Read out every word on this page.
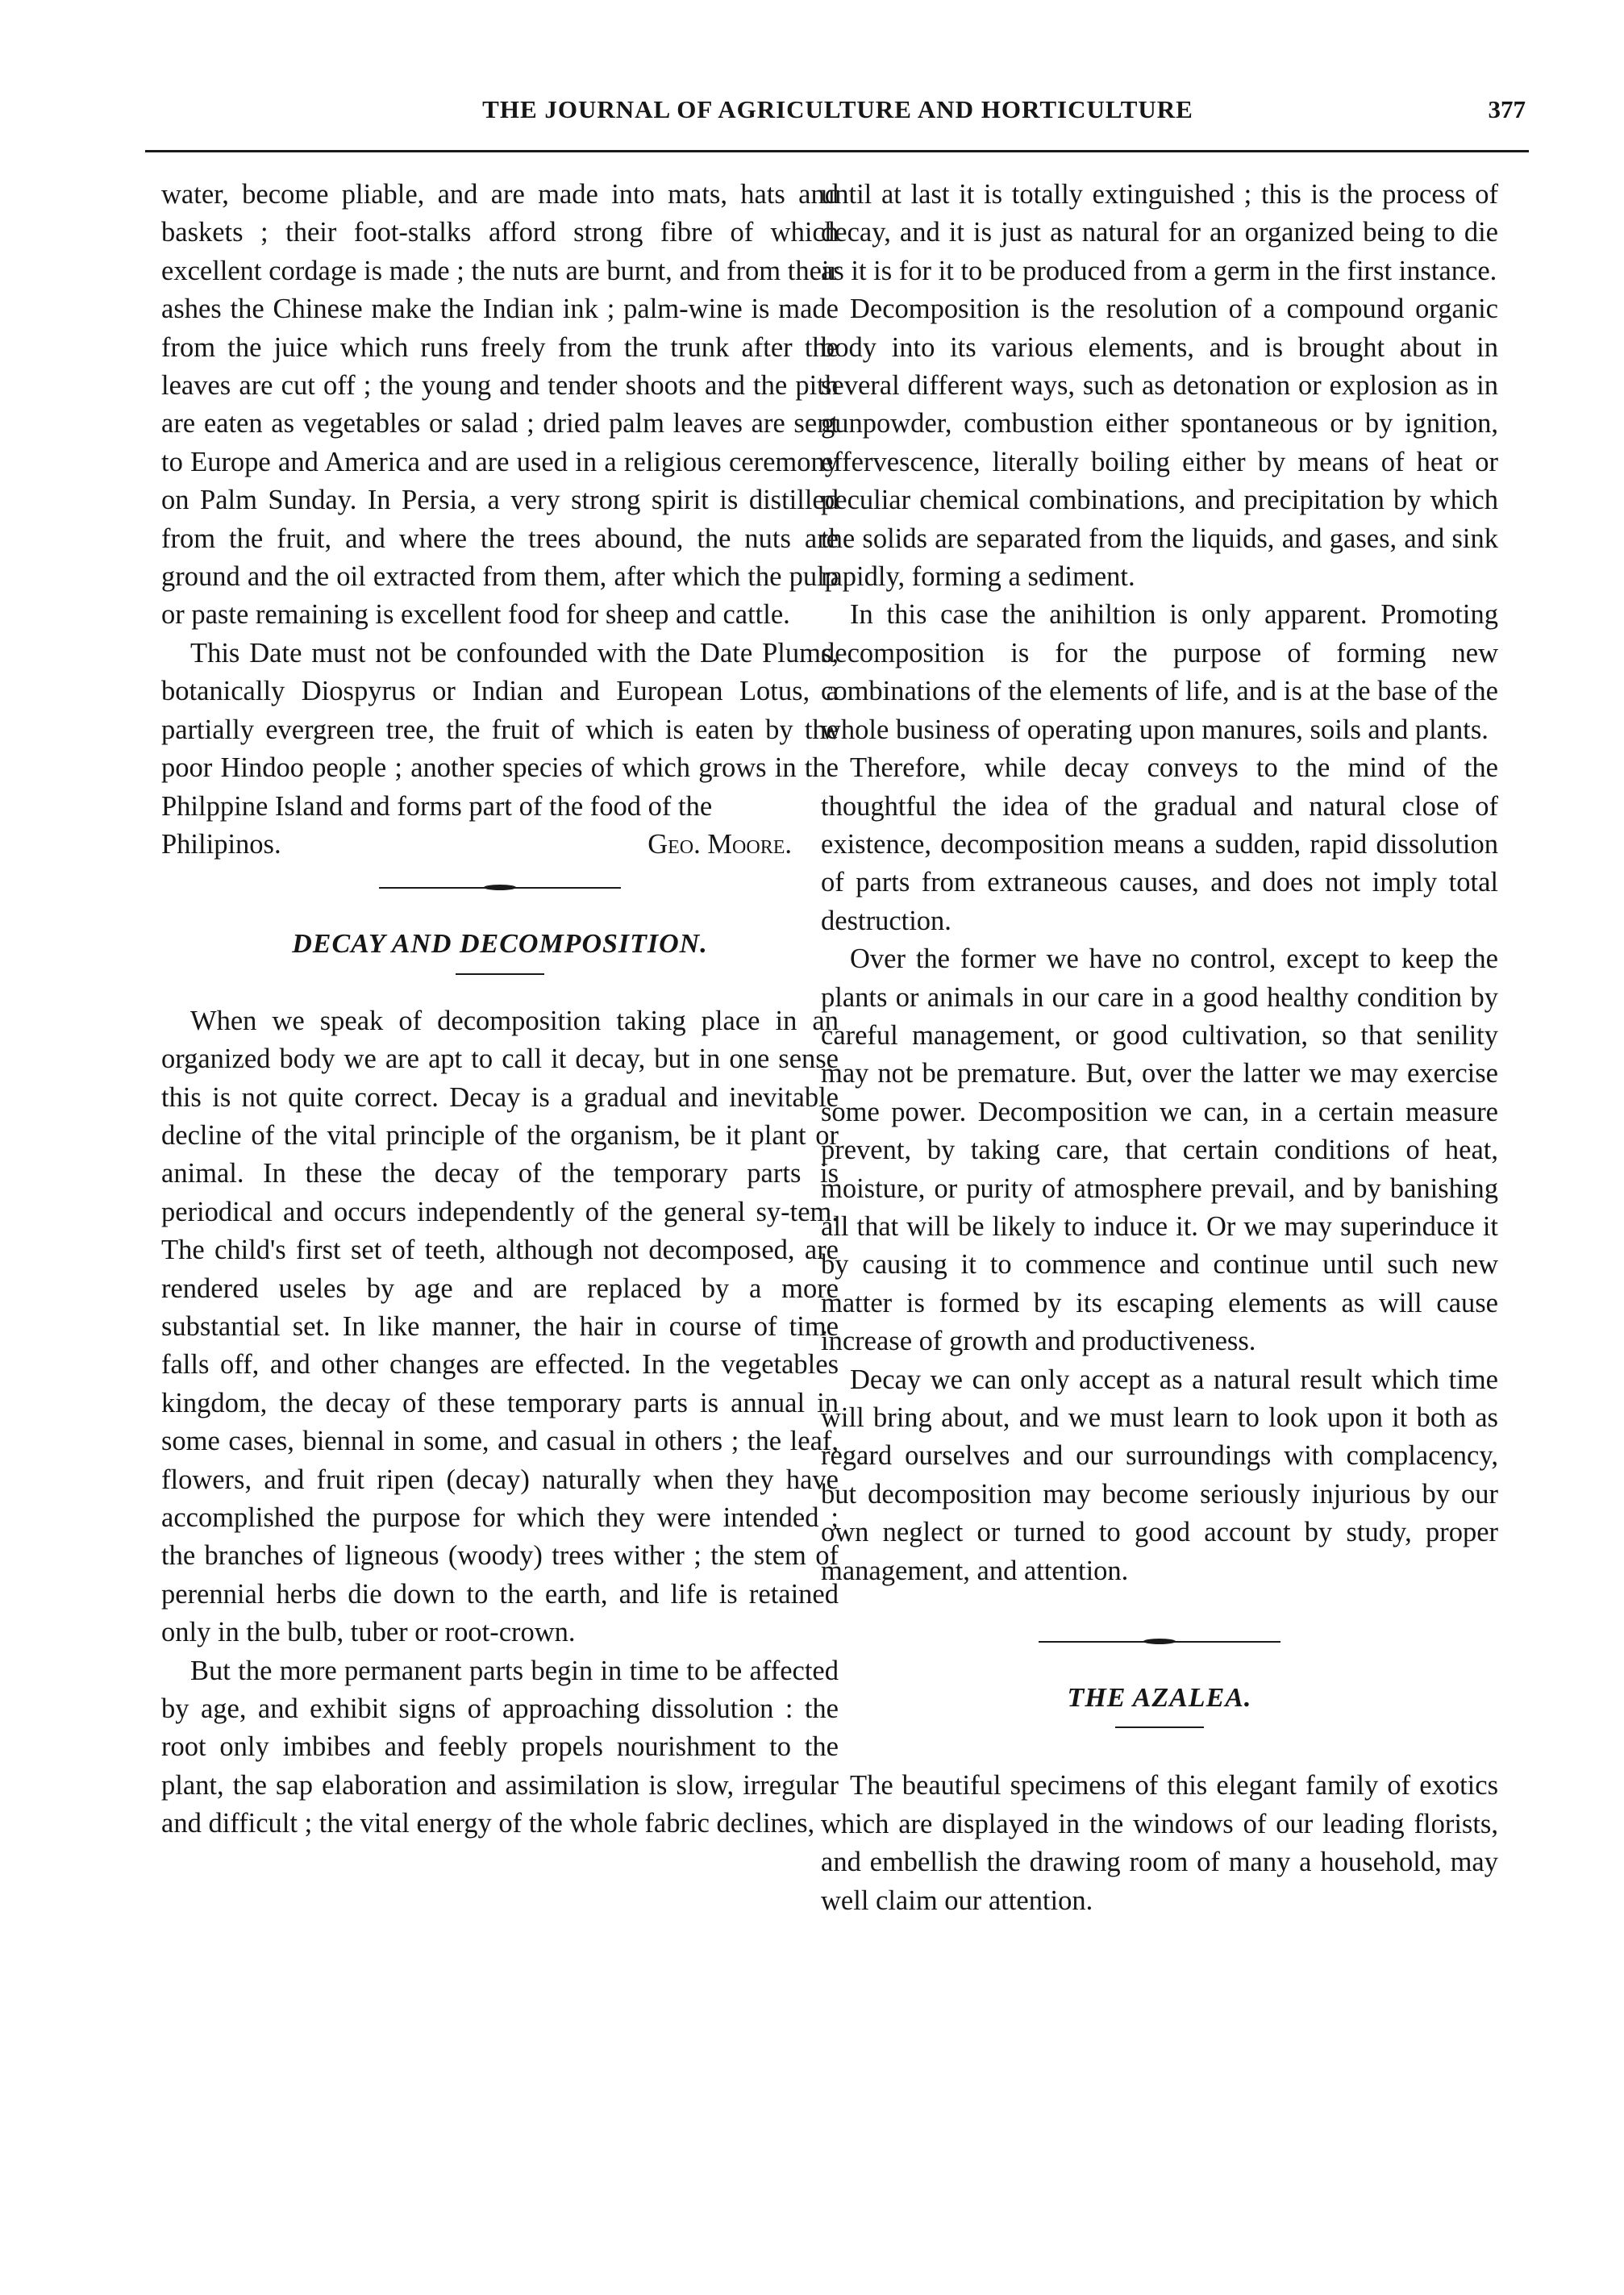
THE JOURNAL OF AGRICULTURE AND HORTICULTURE	377

water, become pliable, and are made into mats, hats and baskets ; their foot-stalks afford strong fibre of which excellent cordage is made ; the nuts are burnt, and from their ashes the Chinese make the Indian ink ; palm-wine is made from the juice which runs freely from the trunk after the leaves are cut off ; the young and tender shoots and the pith are eaten as vegetables or salad ; dried palm leaves are sent to Europe and America and are used in a religious ceremony on Palm Sunday. In Persia, a very strong spirit is distilled from the fruit, and where the trees abound, the nuts are ground and the oil extracted from them, after which the pulp or paste remaining is excellent food for sheep and cattle.

This Date must not be confounded with the Date Plums, botanically Diospyrus or Indian and European Lotus, a partially evergreen tree, the fruit of which is eaten by the poor Hindoo people ; another species of which grows in the Philppine Island and forms part of the food of the

Philipinos.	Geo. Moore.
DECAY AND DECOMPOSITION.

When we speak of decomposition taking place in an organized body we are apt to call it decay, but in one sense this is not quite correct. Decay is a gradual and inevitable decline of the vital principle of the organism, be it plant or animal. In these the decay of the temporary parts is periodical and occurs independently of the general sy-tem. The child's first set of teeth, although not decomposed, are rendered useles by age and are replaced by a more substantial set. In like manner, the hair in course of time falls off, and other changes are effected. In the vegetables kingdom, the decay of these temporary parts is annual in some cases, biennal in some, and casual in others ; the leaf, flowers, and fruit ripen (decay) naturally when they have accomplished the purpose for which they were intended ; the branches of ligneous (woody) trees wither ; the stem of perennial herbs die down to the earth, and life is retained only in the bulb, tuber or root-crown.

But the more permanent parts begin in time to be affected by age, and exhibit signs of approaching dissolution : the root only imbibes and feebly propels nourishment to the plant, the sap elaboration and assimilation is slow, irregular and difficult ; the vital energy of the whole fabric declines,

until at last it is totally extinguished ; this is the process of decay, and it is just as natural for an organized being to die as it is for it to be produced from a germ in the first instance.

Decomposition is the resolution of a compound organic body into its various elements, and is brought about in several different ways, such as detonation or explosion as in gunpowder, combustion either spontaneous or by ignition, effervescence, literally boiling either by means of heat or peculiar chemical combinations, and precipitation by which the solids are separated from the liquids, and gases, and sink rapidly, forming a sediment.

In this case the anihiltion is only apparent. Promoting decomposition is for the purpose of forming new combinations of the elements of life, and is at the base of the whole business of operating upon manures, soils and plants.

Therefore, while decay conveys to the mind of the thoughtful the idea of the gradual and natural close of existence, decomposition means a sudden, rapid dissolution of parts from extraneous causes, and does not imply total destruction.

Over the former we have no control, except to keep the plants or animals in our care in a good healthy condition by careful management, or good cultivation, so that senility may not be premature. But, over the latter we may exercise some power. Decomposition we can, in a certain measure prevent, by taking care, that certain conditions of heat, moisture, or purity of atmosphere prevail, and by banishing all that will be likely to induce it. Or we may superinduce it by causing it to commence and continue until such new matter is formed by its escaping elements as will cause increase of growth and productiveness.

Decay we can only accept as a natural result which time will bring about, and we must learn to look upon it both as regard ourselves and our surroundings with complacency, but decomposition may become seriously injurious by our own neglect or turned to good account by study, proper management, and attention.

THE AZALEA.

The beautiful specimens of this elegant family of exotics which are displayed in the windows of our leading florists, and embellish the drawing room of many a household, may well claim our attention.
